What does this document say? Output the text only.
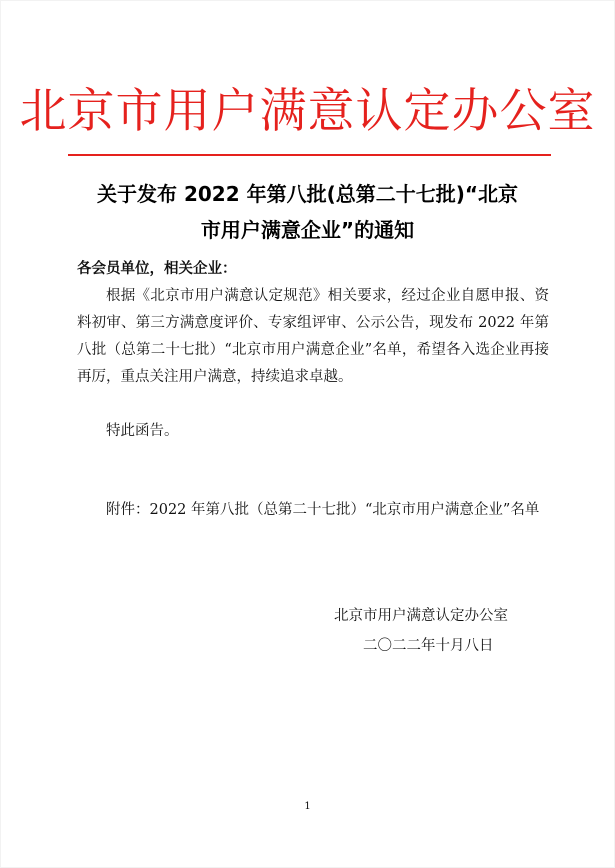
北京市用户满意认定办公室
关于发布 2022 年第八批(总第二十七批)“北京
市用户满意企业”的通知
各会员单位，相关企业：

根据《北京市用户满意认定规范》相关要求，经过企业自愿申报、资料初审、第三方满意度评价、专家组评审、公示公告，现发布 2022 年第八批（总第二十七批）“北京市用户满意企业”名单，希望各入选企业再接再厉，重点关注用户满意，持续追求卓越。

特此函告。

附件：2022 年第八批（总第二十七批）“北京市用户满意企业”名单

北京市用户满意认定办公室
二〇二二年十月八日
1
